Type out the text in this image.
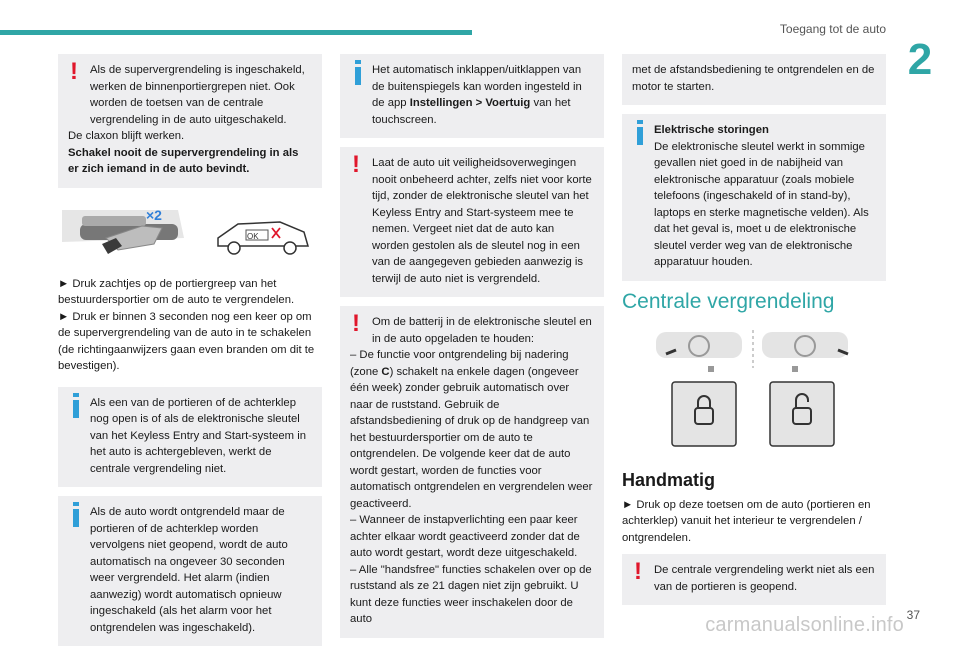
Toegang tot de auto
2
!	Als de supervergrendeling is ingeschakeld, werken de binnenportiergrepen niet. Ook worden de toetsen van de centrale vergrendeling in de auto uitgeschakeld.

De claxon blijft werken.

Schakel nooit de supervergrendeling in als er zich iemand in de auto bevindt.

×2
OK

► Druk zachtjes op de portiergreep van het bestuurdersportier om de auto te vergrendelen.

► Druk er binnen 3 seconden nog een keer op om de supervergrendeling van de auto in te schakelen (de richtingaanwijzers gaan even branden om dit te bevestigen).

Als een van de portieren of de achterklep nog open is of als de elektronische sleutel van het Keyless Entry and Start-systeem in het auto is achtergebleven, werkt de centrale vergrendeling niet.

Als de auto wordt ontgrendeld maar de portieren of de achterklep worden vervolgens niet geopend, wordt de auto automatisch na ongeveer 30 seconden weer vergrendeld. Het alarm (indien aanwezig) wordt automatisch opnieuw ingeschakeld (als het alarm voor het ontgrendelen was ingeschakeld).

Het automatisch inklappen/uitklappen van de buitenspiegels kan worden ingesteld in de app Instellingen > Voertuig van het touchscreen.

!	Laat de auto uit veiligheidsoverwegingen nooit onbeheerd achter, zelfs niet voor korte tijd, zonder de elektronische sleutel van het Keyless Entry and Start-systeem mee te nemen. Vergeet niet dat de auto kan worden gestolen als de sleutel nog in een van de aangegeven gebieden aanwezig is terwijl de auto niet is vergrendeld.

!	Om de batterij in de elektronische sleutel en in de auto opgeladen te houden:

– De functie voor ontgrendeling bij nadering (zone C) schakelt na enkele dagen (ongeveer één week) zonder gebruik automatisch over naar de ruststand. Gebruik de afstandsbediening of druk op de handgreep van het bestuurdersportier om de auto te ontgrendelen. De volgende keer dat de auto wordt gestart, worden de functies voor automatisch ontgrendelen en vergrendelen weer geactiveerd.

– Wanneer de instapverlichting een paar keer achter elkaar wordt geactiveerd zonder dat de auto wordt gestart, wordt deze uitgeschakeld.

– Alle "handsfree" functies schakelen over op de ruststand als ze 21 dagen niet zijn gebruikt. U kunt deze functies weer inschakelen door de auto

met de afstandsbediening te ontgrendelen en de motor te starten.

Elektrische storingen

De elektronische sleutel werkt in sommige gevallen niet goed in de nabijheid van elektronische apparatuur (zoals mobiele telefoons (ingeschakeld of in stand-by), laptops en sterke magnetische velden). Als dat het geval is, moet u de elektronische sleutel verder weg van de elektronische apparatuur houden.

Centrale vergrendeling
Handmatig

► Druk op deze toetsen om de auto (portieren en achterklep) vanuit het interieur te vergrendelen / ontgrendelen.

!	De centrale vergrendeling werkt niet als een van de portieren is geopend.

carmanualsonline.info 37
